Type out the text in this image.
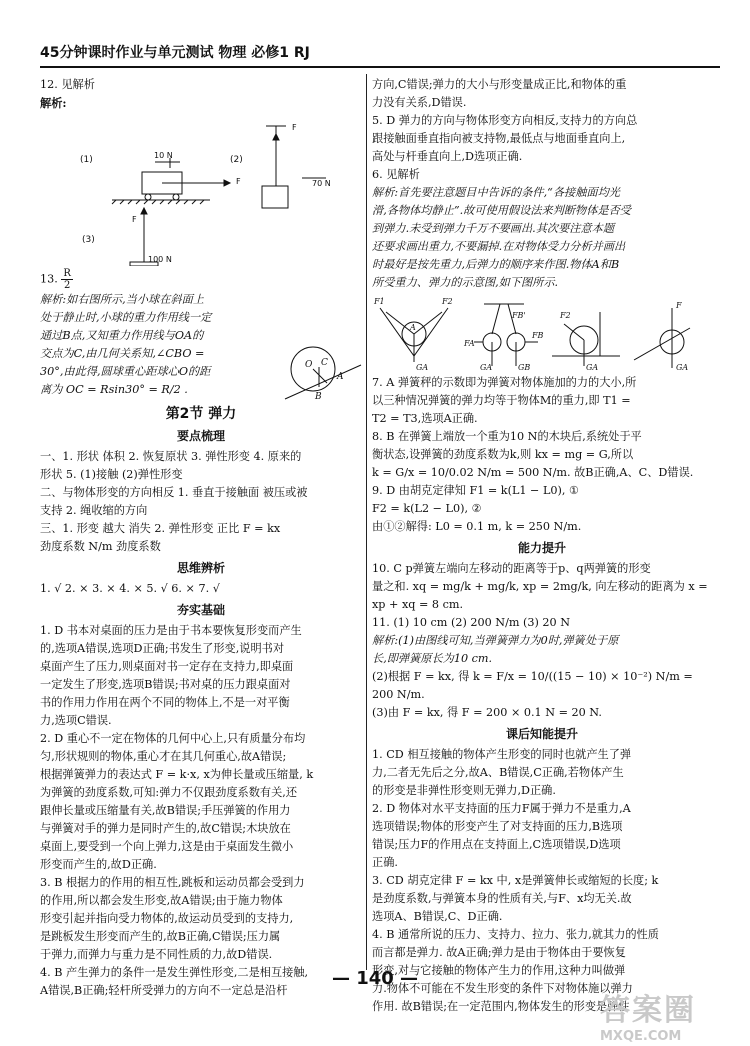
45分钟课时作业与单元测试 物理 必修1 RJ

12. 见解析

解析:

(1)	(2)
(3)
10 N
70 N
100 N
F
F
F

13. $\frac{R}{2}$

解析:如右图所示,当小球在斜面上

处于静止时,小球的重力作用线一定

通过B点,又知重力作用线与OA的

交点为C,由几何关系知,∠CBO =

30°,由此得,圆球重心距球心O的距

离为 OC = Rsin30° = R/2 .

第2节 弹力

要点梳理

一、1. 形状 体积 2. 恢复原状 3. 弹性形变 4. 原来的

形状 5. (1)接触 (2)弹性形变

二、与物体形变的方向相反 1. 垂直于接触面 被压或被

支持 2. 绳收缩的方向

三、1. 形变 越大 消失 2. 弹性形变 正比 F = kx

劲度系数 N/m 劲度系数

思维辨析

1. √ 2. × 3. × 4. × 5. √ 6. × 7. √

夯实基础

1. D 书本对桌面的压力是由于书本要恢复形变而产生

的,选项A错误,选项D正确;书发生了形变,说明书对

桌面产生了压力,则桌面对书一定存在支持力,即桌面

一定发生了形变,选项B错误;书对桌的压力跟桌面对

书的作用力作用在两个不同的物体上,不是一对平衡

力,选项C错误.

2. D 重心不一定在物体的几何中心上,只有质量分布均

匀,形状规则的物体,重心才在其几何重心,故A错误;

根据弹簧弹力的表达式 F = k·x, x为伸长量或压缩量, k

为弹簧的劲度系数,可知:弹力不仅跟劲度系数有关,还

跟伸长量或压缩量有关,故B错误;手压弹簧的作用力

与弹簧对手的弹力是同时产生的,故C错误;木块放在

桌面上,要受到一个向上弹力,这是由于桌面发生微小

形变而产生的,故D正确.

3. B 根据力的作用的相互性,跳板和运动员都会受到力

的作用,所以都会发生形变,故A错误;由于施力物体

形变引起并指向受力物体的,故运动员受到的支持力,

是跳板发生形变而产生的,故B正确,C错误;压力属

于弹力,而弹力与重力是不同性质的力,故D错误.

4. B 产生弹力的条件一是发生弹性形变,二是相互接触,

A错误,B正确;轻杆所受弹力的方向不一定总是沿杆

O C
A
B

方向,C错误;弹力的大小与形变量成正比,和物体的重

力没有关系,D错误.

5. D 弹力的方向与物体形变方向相反,支持力的方向总

跟接触面垂直指向被支持物,最低点与地面垂直向上,

高处与杆垂直向上,D选项正确.

6. 见解析

解析:首先要注意题目中告诉的条件,“各接触面均光

滑,各物体均静止”.故可使用假设法来判断物体是否受

到弹力.未受到弹力千万不要画出.其次要注意本题

还要求画出重力,不要漏掉.在对物体受力分析并画出

时最好是按先重力,后弹力的顺序来作图.物体A和B

所受重力、弹力的示意图,如下图所示.

F1	F2
A
GA
FA
FB
FB'
GA	GB
F2
GA
F
GA

7. A 弹簧秤的示数即为弹簧对物体施加的力的大小,所

以三种情况弹簧的弹力均等于物体M的重力,即 T1 =

T2 = T3,选项A正确.

8. B 在弹簧上端放一个重为10 N的木块后,系统处于平

衡状态,设弹簧的劲度系数为k,则 kx = mg = G,所以

k = G/x = 10/0.02 N/m = 500 N/m. 故B正确,A、C、D错误.

9. D 由胡克定律知 F1 = k(L1 − L0), ①

F2 = k(L2 − L0), ②

由①②解得: L0 = 0.1 m, k = 250 N/m.

能力提升

10. C p弹簧左端向左移动的距离等于p、q两弹簧的形变

量之和. xq = mg/k + mg/k, xp = 2mg/k, 向左移动的距离为 x =

xp + xq = 8 cm.

11. (1) 10 cm (2) 200 N/m (3) 20 N

解析:(1)由图线可知,当弹簧弹力为0时,弹簧处于原

长,即弹簧原长为10 cm.

(2)根据 F = kx, 得 k = F/x = 10/((15 − 10) × 10⁻²) N/m =

200 N/m.

(3)由 F = kx, 得 F = 200 × 0.1 N = 20 N.

课后知能提升

1. CD 相互接触的物体产生形变的同时也就产生了弹

力,二者无先后之分,故A、B错误,C正确,若物体产生

的形变是非弹性形变则无弹力,D正确.

2. D 物体对水平支持面的压力F属于弹力不是重力,A

选项错误;物体的形变产生了对支持面的压力,B选项

错误;压力F的作用点在支持面上,C选项错误,D选项

正确.

3. CD 胡克定律 F = kx 中, x是弹簧伸长或缩短的长度; k

是劲度系数,与弹簧本身的性质有关,与F、x均无关.故

选项A、B错误,C、D正确.

4. B 通常所说的压力、支持力、拉力、张力,就其力的性质

而言都是弹力. 故A正确;弹力是由于物体由于要恢复

形变,对与它接触的物体产生力的作用,这种力叫做弹

力.物体不可能在不发生形变的条件下对物体施以弹力

作用. 故B错误;在一定范围内,物体发生的形变是弹性

— 140 —
答案圈
MXQE.COM
